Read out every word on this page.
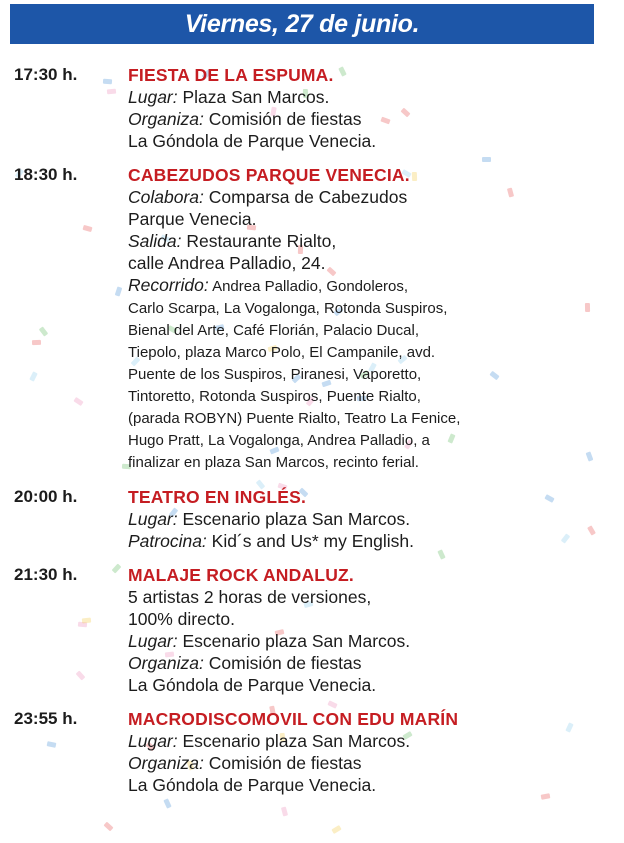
Viernes, 27 de junio.
17:30 h.	FIESTA DE LA ESPUMA.
Lugar: Plaza San Marcos.
Organiza: Comisión de fiestas
La Góndola de Parque Venecia.
18:30 h.	CABEZUDOS PARQUE VENECIA.
Colabora: Comparsa de Cabezudos
Parque Venecia.
Salida: Restaurante Rialto,
calle Andrea Palladio, 24.
Recorrido: Andrea Palladio, Gondoleros,
Carlo Scarpa, La Vogalonga, Rotonda Suspiros,
Bienal del Arte, Café Florián, Palacio Ducal,
Tiepolo, plaza Marco Polo, El Campanile, avd.
Puente de los Suspiros, Piranesi, Vaporetto,
Tintoretto, Rotonda Suspiros, Puente Rialto,
(parada ROBYN) Puente Rialto, Teatro La Fenice,
Hugo Pratt, La Vogalonga, Andrea Palladio, a
finalizar en plaza San Marcos, recinto ferial.
20:00 h.	TEATRO EN INGLÉS.
Lugar: Escenario plaza San Marcos.
Patrocina: Kid´s and Us* my English.
21:30 h.	MALAJE ROCK ANDALUZ.
5 artistas 2 horas de versiones,
100% directo.
Lugar: Escenario plaza San Marcos.
Organiza: Comisión de fiestas
La Góndola de Parque Venecia.
23:55 h.	MACRODISCOMOVIL CON EDU MARÍN
Lugar: Escenario plaza San Marcos.
Organiza: Comisión de fiestas
La Góndola de Parque Venecia.
